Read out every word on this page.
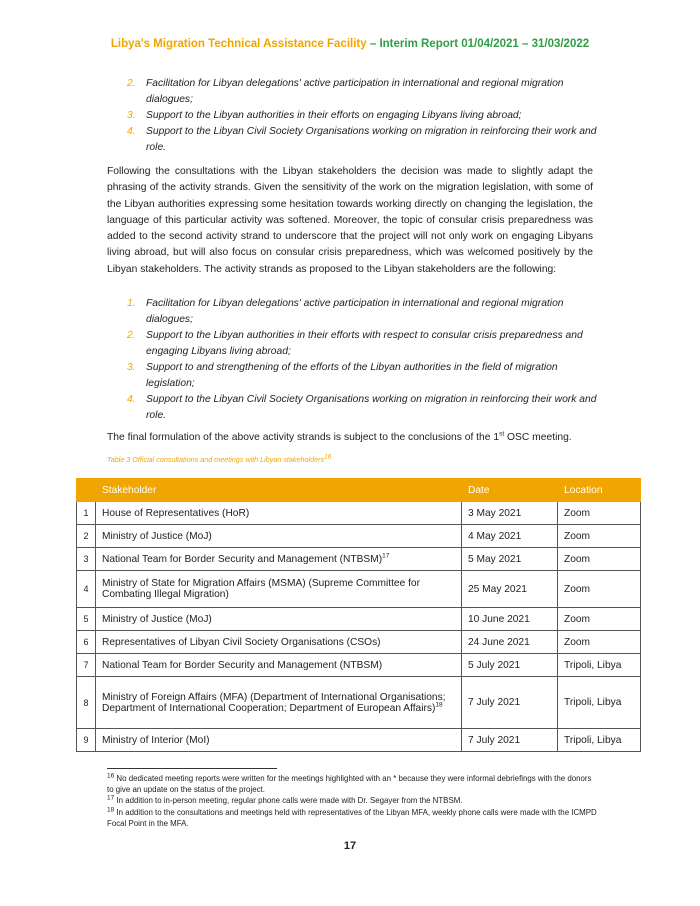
Libya's Migration Technical Assistance Facility – Interim Report 01/04/2021 – 31/03/2022
2. Facilitation for Libyan delegations' active participation in international and regional migration dialogues;
3. Support to the Libyan authorities in their efforts on engaging Libyans living abroad;
4. Support to the Libyan Civil Society Organisations working on migration in reinforcing their work and role.

Following the consultations with the Libyan stakeholders the decision was made to slightly adapt the phrasing of the activity strands. Given the sensitivity of the work on the migration legislation, with some of the Libyan authorities expressing some hesitation towards working directly on changing the legislation, the language of this particular activity was softened. Moreover, the topic of consular crisis preparedness was added to the second activity strand to underscore that the project will not only work on engaging Libyans living abroad, but will also focus on consular crisis preparedness, which was welcomed positively by the Libyan stakeholders. The activity strands as proposed to the Libyan stakeholders are the following:

1. Facilitation for Libyan delegations' active participation in international and regional migration dialogues;
2. Support to the Libyan authorities in their efforts with respect to consular crisis preparedness and engaging Libyans living abroad;
3. Support to and strengthening of the efforts of the Libyan authorities in the field of migration legislation;
4. Support to the Libyan Civil Society Organisations working on migration in reinforcing their work and role.

The final formulation of the above activity strands is subject to the conclusions of the 1st OSC meeting.

Table 3 Official consultations and meetings with Libyan stakeholders$^{16}$
	Stakeholder	Date	Location
1	House of Representatives (HoR)	3 May 2021	Zoom
2	Ministry of Justice (MoJ)	4 May 2021	Zoom
3	National Team for Border Security and Management (NTBSM)$^{17}$	5 May 2021	Zoom
4	Ministry of State for Migration Affairs (MSMA) (Supreme Committee for Combating Illegal Migration)	25 May 2021	Zoom
5	Ministry of Justice (MoJ)	10 June 2021	Zoom
6	Representatives of Libyan Civil Society Organisations (CSOs)	24 June 2021	Zoom
7	National Team for Border Security and Management (NTBSM)	5 July 2021	Tripoli, Libya
8	Ministry of Foreign Affairs (MFA) (Department of International Organisations; Department of International Cooperation; Department of European Affairs)$^{18}$	7 July 2021	Tripoli, Libya
9	Ministry of Interior (MoI)	7 July 2021	Tripoli, Libya
$^{16}$ No dedicated meeting reports were written for the meetings highlighted with an * because they were informal debriefings with the donors to give an update on the status of the project.
$^{17}$ In addition to in-person meeting, regular phone calls were made with Dr. Segayer from the NTBSM.
$^{18}$ In addition to the consultations and meetings held with representatives of the Libyan MFA, weekly phone calls were made with the ICMPD Focal Point in the MFA.
17
